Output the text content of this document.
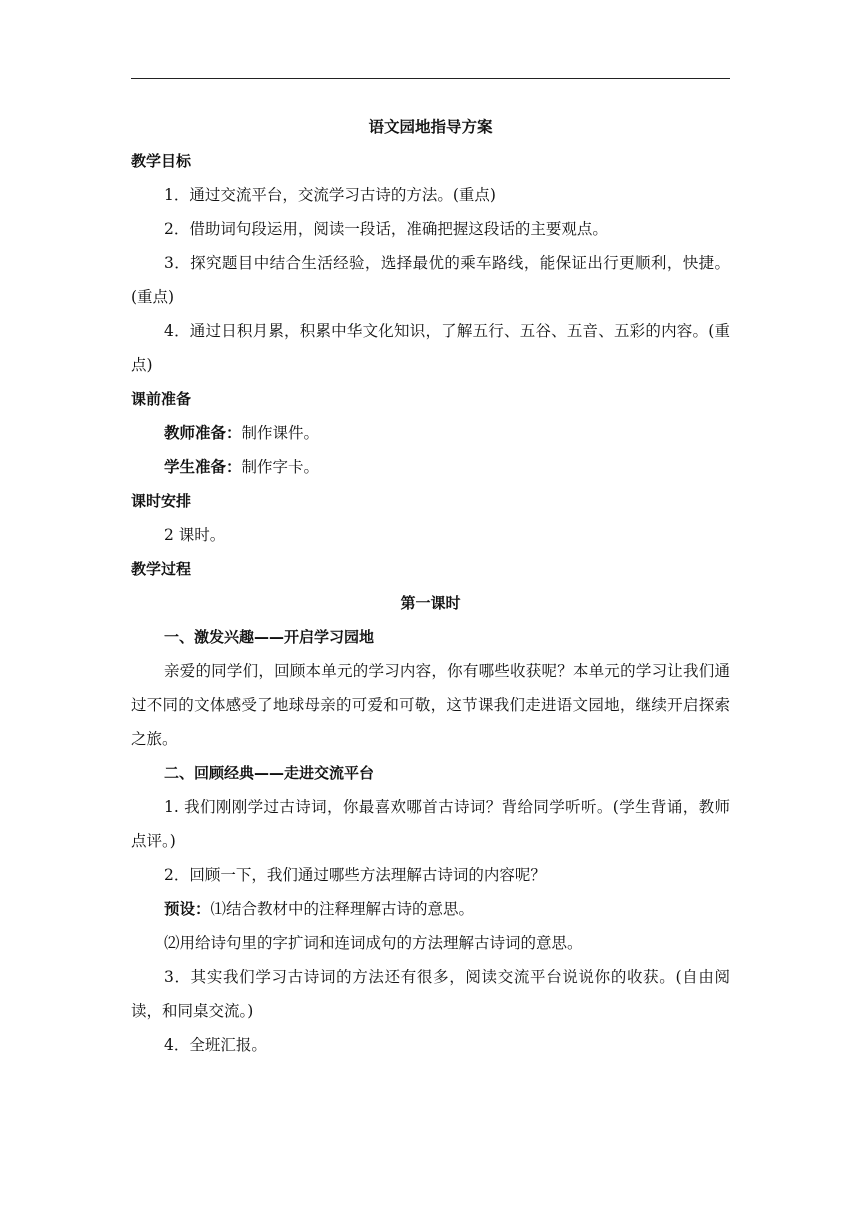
语文园地指导方案

教学目标

1．通过交流平台，交流学习古诗的方法。(重点)

2．借助词句段运用，阅读一段话，准确把握这段话的主要观点。

3．探究题目中结合生活经验，选择最优的乘车路线，能保证出行更顺利，快捷。(重点)

4．通过日积月累，积累中华文化知识，了解五行、五谷、五音、五彩的内容。(重点)

课前准备

教师准备：制作课件。

学生准备：制作字卡。

课时安排

2 课时。

教学过程

第一课时

一、激发兴趣——开启学习园地

亲爱的同学们，回顾本单元的学习内容，你有哪些收获呢？本单元的学习让我们通过不同的文体感受了地球母亲的可爱和可敬，这节课我们走进语文园地，继续开启探索之旅。

二、回顾经典——走进交流平台

1. 我们刚刚学过古诗词，你最喜欢哪首古诗词？背给同学听听。(学生背诵，教师点评。)

2．回顾一下，我们通过哪些方法理解古诗词的内容呢？

预设：⑴结合教材中的注释理解古诗的意思。

⑵用给诗句里的字扩词和连词成句的方法理解古诗词的意思。

3．其实我们学习古诗词的方法还有很多，阅读交流平台说说你的收获。(自由阅读，和同桌交流。)

4．全班汇报。
